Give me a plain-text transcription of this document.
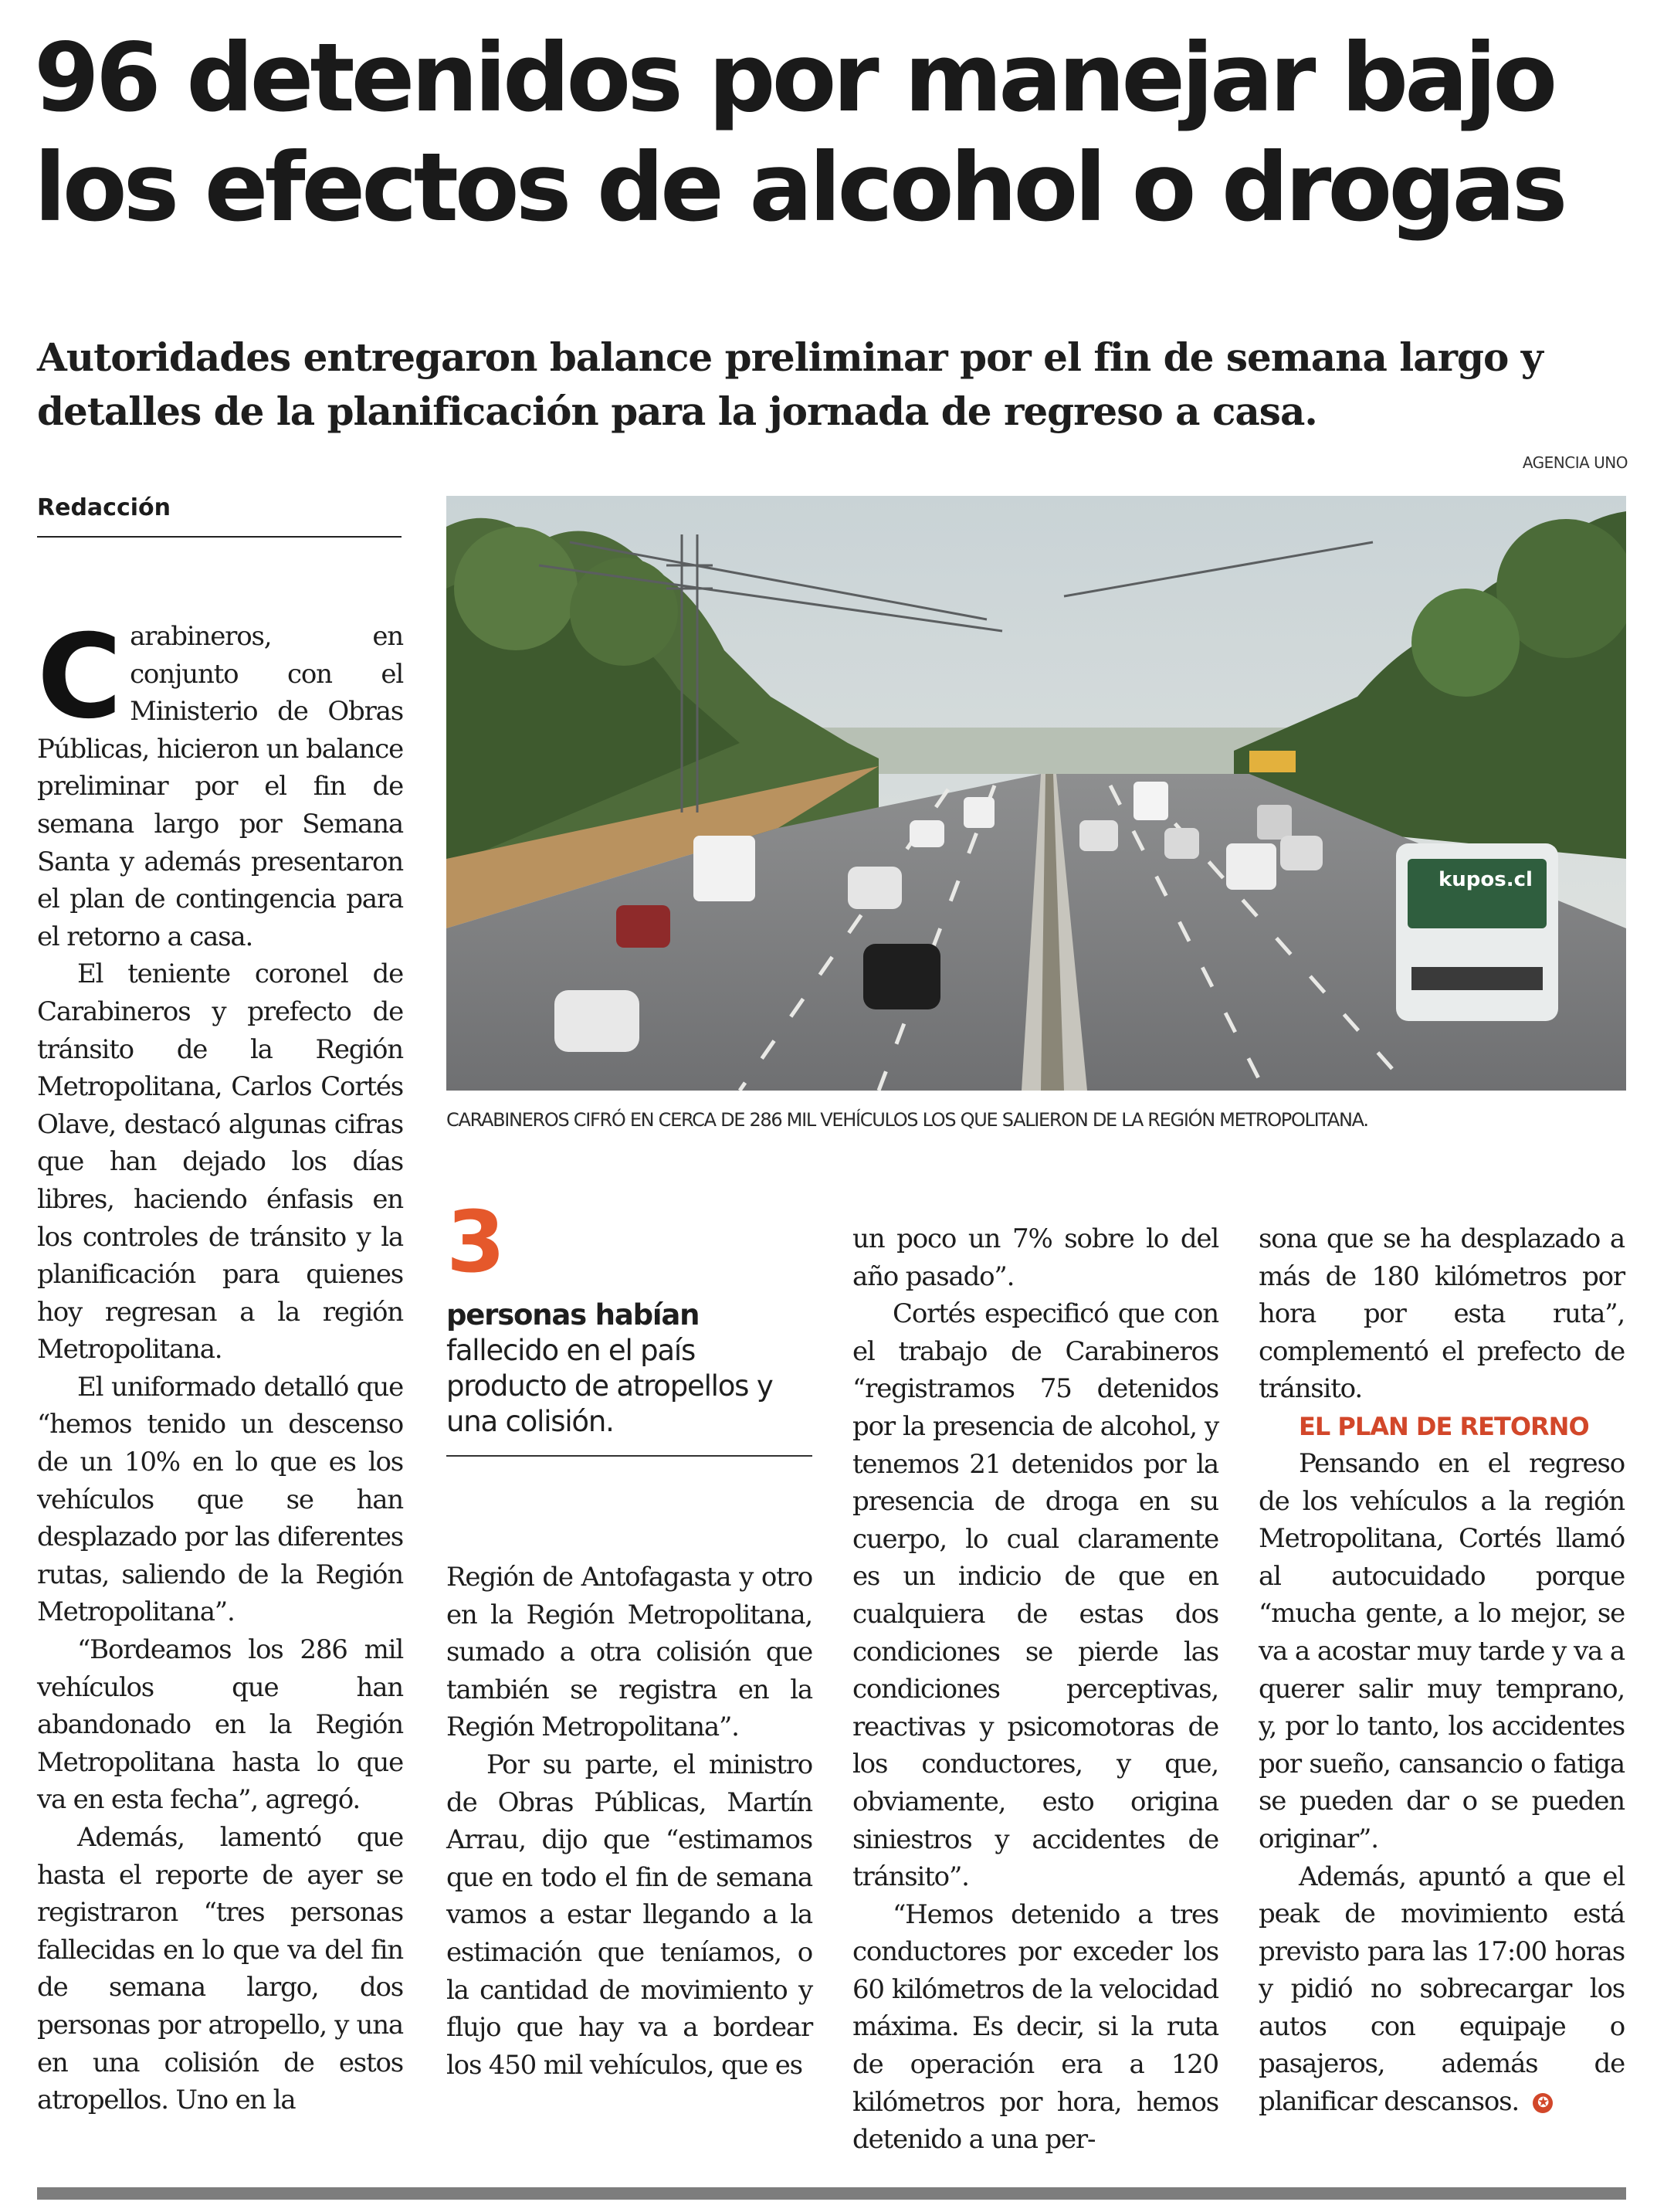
96 detenidos por manejar bajo
los efectos de alcohol o drogas
Autoridades entregaron balance preliminar por el fin de semana largo y
detalles de la planificación para la jornada de regreso a casa.
AGENCIA UNO
Redacción
kupos.cl
CARABINEROS CIFRÓ EN CERCA DE 286 MIL VEHÍCULOS LOS QUE SALIERON DE LA REGIÓN METROPOLITANA.

Carabineros, en conjunto con el Ministerio de Obras Públicas, hicieron un balance preliminar por el fin de semana largo por Semana Santa y además presentaron el plan de contingencia para el retorno a casa.

El teniente coronel de Carabineros y prefecto de tránsito de la Región Metropolitana, Carlos Cortés Olave, destacó algunas cifras que han dejado los días libres, haciendo énfasis en los controles de tránsito y la planificación para quienes hoy regresan a la región Metropolitana.

El uniformado detalló que “hemos tenido un descenso de un 10% en lo que es los vehículos que se han desplazado por las diferentes rutas, saliendo de la Región Metropolitana”.

“Bordeamos los 286 mil vehículos que han abandonado en la Región Metropolitana hasta lo que va en esta fecha”, agregó.

Además, lamentó que hasta el reporte de ayer se registraron “tres personas fallecidas en lo que va del fin de semana largo, dos personas por atropello, y una en una colisión de estos atropellos. Uno en la

3
personas habían fallecido en el país producto de atropellos y una colisión.

Región de Antofagasta y otro en la Región Metropolitana, sumado a otra colisión que también se registra en la Región Metropolitana”.

Por su parte, el ministro de Obras Públicas, Martín Arrau, dijo que “estimamos que en todo el fin de semana vamos a estar llegando a la estimación que teníamos, o la cantidad de movimiento y flujo que hay va a bordear los 450 mil vehículos, que es

un poco un 7% sobre lo del año pasado”.

Cortés especificó que con el trabajo de Carabineros “registramos 75 detenidos por la presencia de alcohol, y tenemos 21 detenidos por la presencia de droga en su cuerpo, lo cual claramente es un indicio de que en cualquiera de estas dos condiciones se pierde las condiciones perceptivas, reactivas y psicomotoras de los conductores, y que, obviamente, esto origina siniestros y accidentes de tránsito”.

“Hemos detenido a tres conductores por exceder los 60 kilómetros de la velocidad máxima. Es decir, si la ruta de operación era a 120 kilómetros por hora, hemos detenido a una per-

sona que se ha desplazado a más de 180 kilómetros por hora por esta ruta”, complementó el prefecto de tránsito.

EL PLAN DE RETORNO

Pensando en el regreso de los vehículos a la región Metropolitana, Cortés llamó al autocuidado porque “mucha gente, a lo mejor, se va a acostar muy tarde y va a querer salir muy temprano, y, por lo tanto, los accidentes por sueño, cansancio o fatiga se pueden dar o se pueden originar”.

Además, apuntó a que el peak de movimiento está previsto para las 17:00 horas y pidió no sobrecargar los autos con equipaje o pasajeros, además de planificar descansos. ✪
